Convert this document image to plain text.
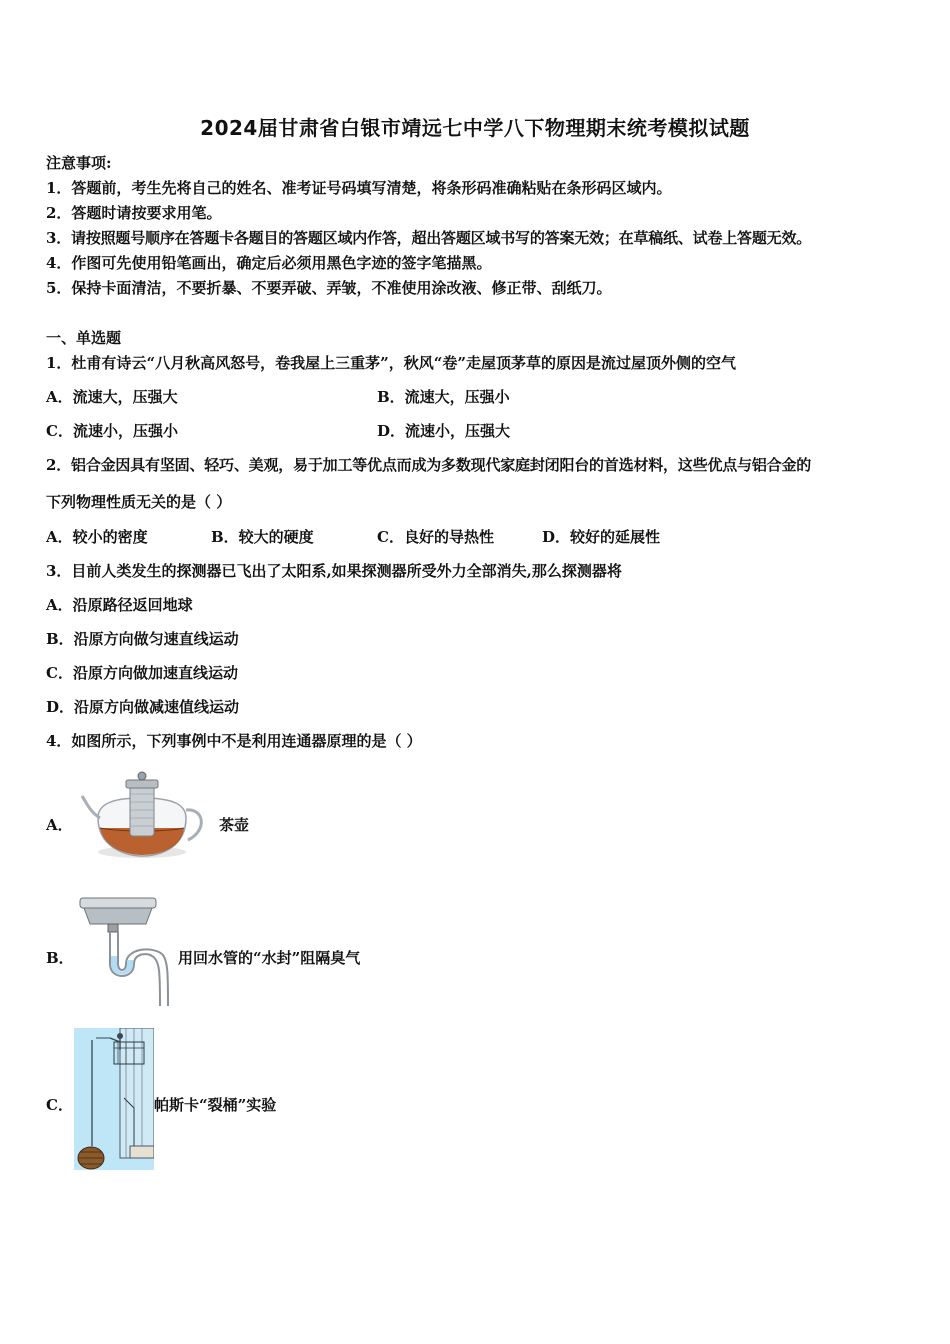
2024届甘肃省白银市靖远七中学八下物理期末统考模拟试题
注意事项:
1．答题前，考生先将自己的姓名、准考证号码填写清楚，将条形码准确粘贴在条形码区域内。
2．答题时请按要求用笔。
3．请按照题号顺序在答题卡各题目的答题区域内作答，超出答题区域书写的答案无效；在草稿纸、试卷上答题无效。
4．作图可先使用铅笔画出，确定后必须用黑色字迹的签字笔描黑。
5．保持卡面清洁，不要折暴、不要弄破、弄皱，不准使用涂改液、修正带、刮纸刀。
一、单选题
1．杜甫有诗云“八月秋高风怒号，卷我屋上三重茅”，秋风“卷”走屋顶茅草的原因是流过屋顶外侧的空气
A．流速大，压强大	B．流速大，压强小
C．流速小，压强小	D．流速小，压强大
2．铝合金因具有坚固、轻巧、美观，易于加工等优点而成为多数现代家庭封闭阳台的首选材料，这些优点与铝合金的
下列物理性质无关的是（ ）
A．较小的密度	B．较大的硬度	C．良好的导热性	D．较好的延展性
3．目前人类发生的探测器已飞出了太阳系,如果探测器所受外力全部消失,那么探测器将
A．沿原路径返回地球
B．沿原方向做匀速直线运动
C．沿原方向做加速直线运动
D．沿原方向做减速值线运动
4．如图所示，下列事例中不是利用连通器原理的是（ ）
A．	茶壶
B．	用回水管的“水封”阻隔臭气
C．	帕斯卡“裂桶”实验
